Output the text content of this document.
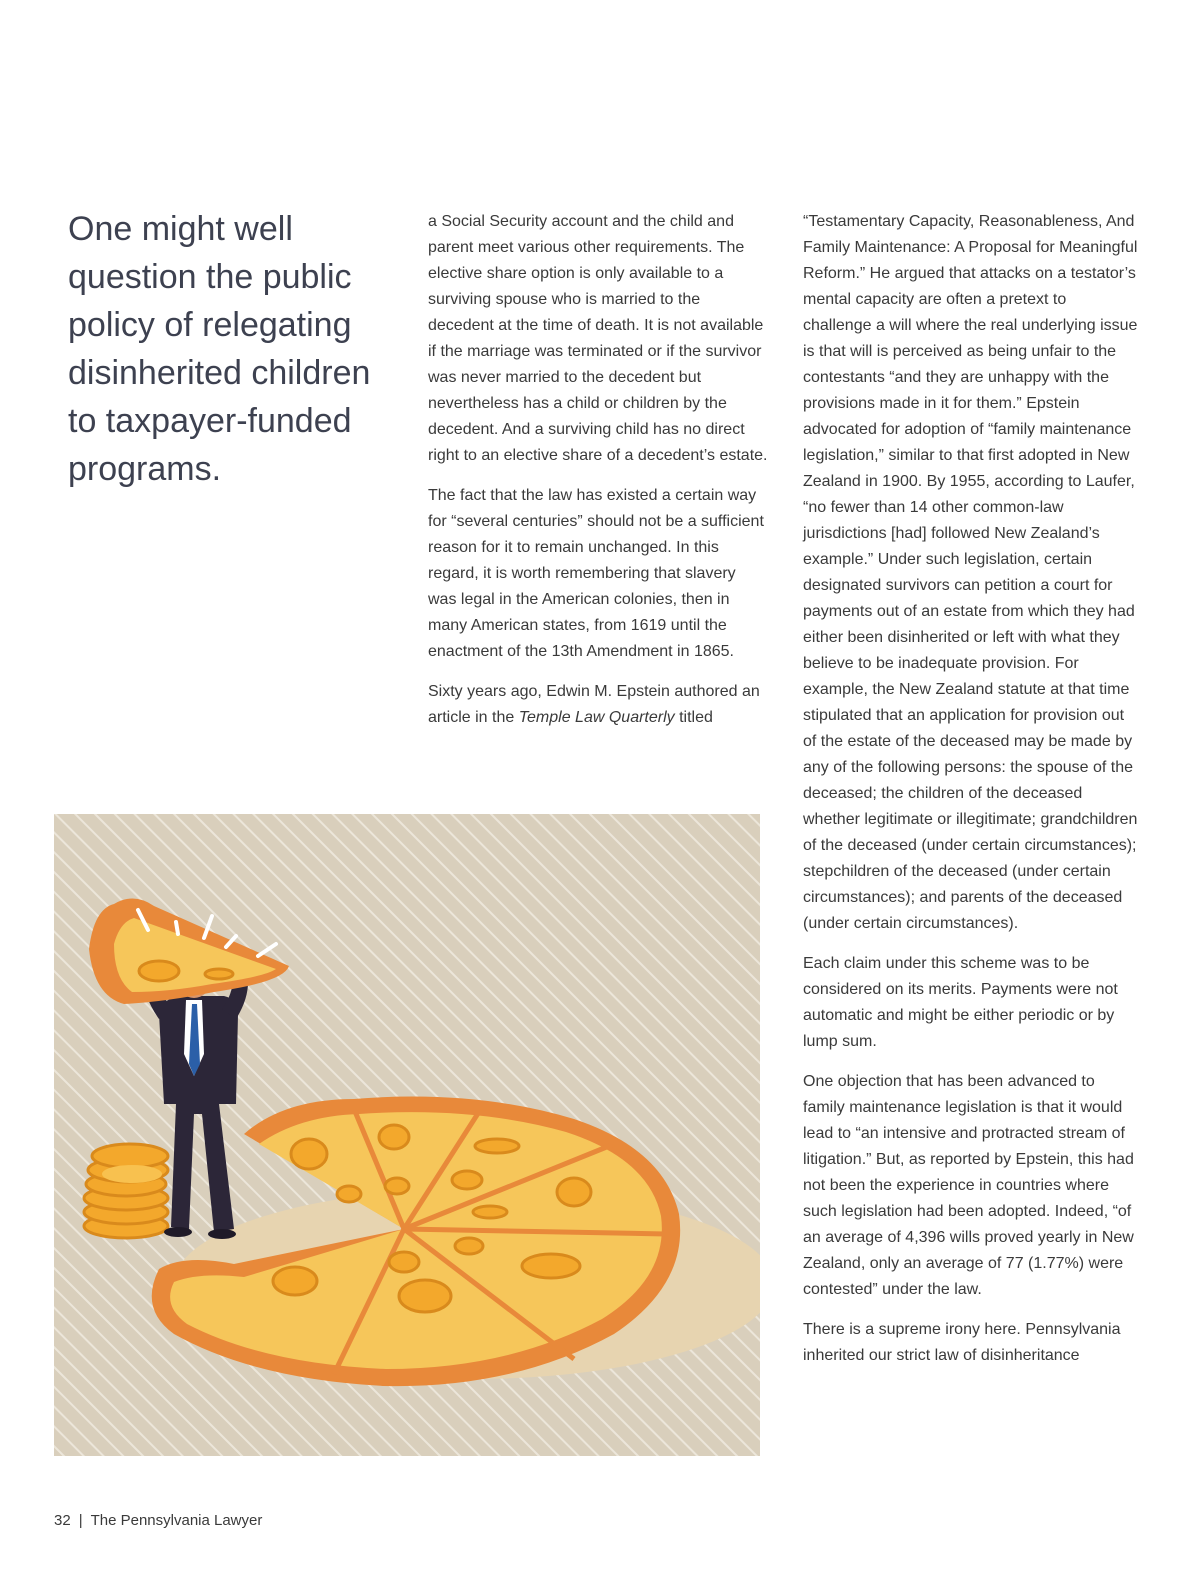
One might well question the public policy of relegating disinherited children to taxpayer-funded programs.

a Social Security account and the child and parent meet various other requirements. The elective share option is only available to a surviving spouse who is married to the decedent at the time of death. It is not available if the marriage was terminated or if the survivor was never married to the decedent but nevertheless has a child or children by the decedent. And a surviving child has no direct right to an elective share of a decedent’s estate.

The fact that the law has existed a certain way for “several centuries” should not be a sufficient reason for it to remain unchanged. In this regard, it is worth remembering that slavery was legal in the American colonies, then in many American states, from 1619 until the enactment of the 13th Amendment in 1865.

Sixty years ago, Edwin M. Epstein authored an article in the Temple Law Quarterly titled

“Testamentary Capacity, Reasonableness, And Family Maintenance: A Proposal for Meaningful Reform.” He argued that attacks on a testator’s mental capacity are often a pretext to challenge a will where the real underlying issue is that will is perceived as being unfair to the contestants “and they are unhappy with the provisions made in it for them.” Epstein advocated for adoption of “family maintenance legislation,” similar to that first adopted in New Zealand in 1900. By 1955, according to Laufer, “no fewer than 14 other common-law jurisdictions [had] followed New Zealand’s example.” Under such legislation, certain designated survivors can petition a court for payments out of an estate from which they had either been disinherited or left with what they believe to be inadequate provision. For example, the New Zealand statute at that time stipulated that an application for provision out of the estate of the deceased may be made by any of the following persons: the spouse of the deceased; the children of the deceased whether legitimate or illegitimate; grandchildren of the deceased (under certain circumstances); stepchildren of the deceased (under certain circumstances); and parents of the deceased (under certain circumstances).

Each claim under this scheme was to be considered on its merits. Payments were not automatic and might be either periodic or by lump sum.

One objection that has been advanced to family maintenance legislation is that it would lead to “an intensive and protracted stream of litigation.” But, as reported by Epstein, this had not been the experience in countries where such legislation had been adopted. Indeed, “of an average of 4,396 wills proved yearly in New Zealand, only an average of 77 (1.77%) were contested” under the law.

There is a supreme irony here. Pennsylvania inherited our strict law of disinheritance

32 | The Pennsylvania Lawyer
